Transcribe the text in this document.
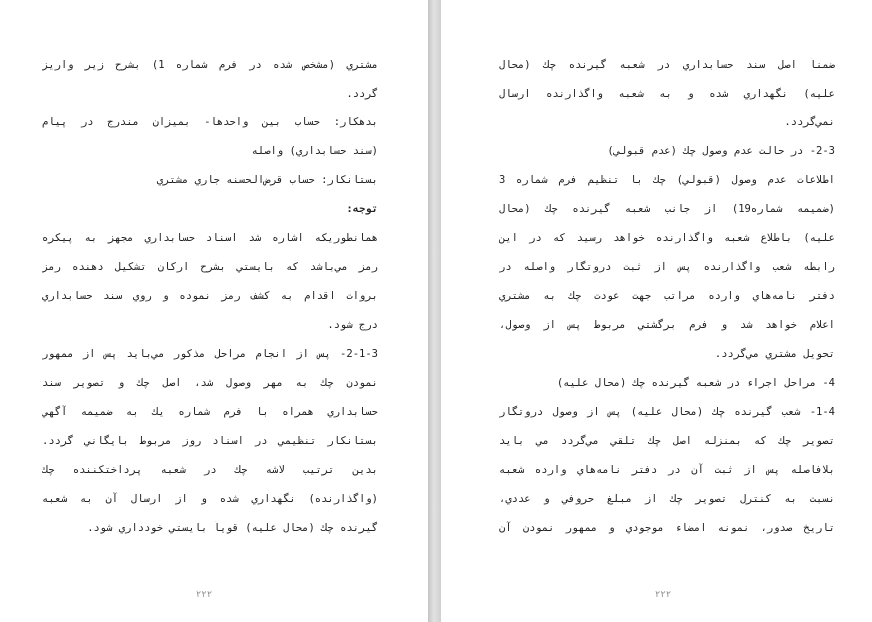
مشتري (مشخص شده در فرم شماره 1) بشرح زير واريز
گردد.
بدهكار: حساب بين واحدها- بميزان مندرج در پيام
(سند حسابداري) واصله
بستانكار: حساب قرض‌الحسنه جاري مشتري
توجه:
همانطوريكه اشاره شد اسناد حسابداري مجهز به پيكره
رمز مي‌باشد كه بايستي بشرح اركان تشكيل دهنده رمز
بروات اقدام به كشف رمز نموده و روي سند حسابداري
درج شود.
2-1-3- پس از انجام مراحل مذكور مي‌بايد پس از ممهور
نمودن چك به مهر وصول شد، اصل چك و تصوير سند
حسابداري همراه با فرم شماره يك به ضميمه آگهي
بستانكار تنظيمي در اسناد روز مربوط بايگاني گردد.
بدين ترتيب لاشه چك در شعبه پرداختكننده چك
(واگذارنده) نگهداري شده و از ارسال آن به شعبه
گيرنده چك (محال عليه) قوياً بايستي خودداري شود.
۲۲۲
ضمناً اصل سند حسابداري در شعبه گيرنده چك (محال
عليه) نگهداري شده و به شعبه واگذارنده ارسال
نمي‌گردد.
2-3- در حالت عدم وصول چك (عدم قبولي)
اطلاعات عدم وصول (قبولي) چك با تنظيم فرم شماره 3
(ضميمه شماره19) از جانب شعبه گيرنده چك (محال
عليه) باطلاع شعبه واگذارنده خواهد رسيد كه در اين
رابطه شعب واگذارنده پس از ثبت دروتگار واصله در
دفتر نامه‌هاي وارده مراتب جهت عودت چك به مشتري
اعلام خواهد شد و فرم برگشتي مربوط پس از وصول،
تحويل مشتري مي‌گردد.
4- مراحل اجراء در شعبه گيرنده چك (محال عليه)
1-4- شعب گيرنده چك (محال عليه) پس از وصول دروتگار
تصوير چك كه بمنزله اصل چك تلقي مي‌گردد مي بايد
بلافاصله پس از ثبت آن در دفتر نامه‌هاي وارده شعبه
نسبت به كنترل تصوير چك از مبلغ حروفي و عددي،
تاريخ صدور، نمونه امضاء موجودي و ممهور نمودن آن
۲۲۲
